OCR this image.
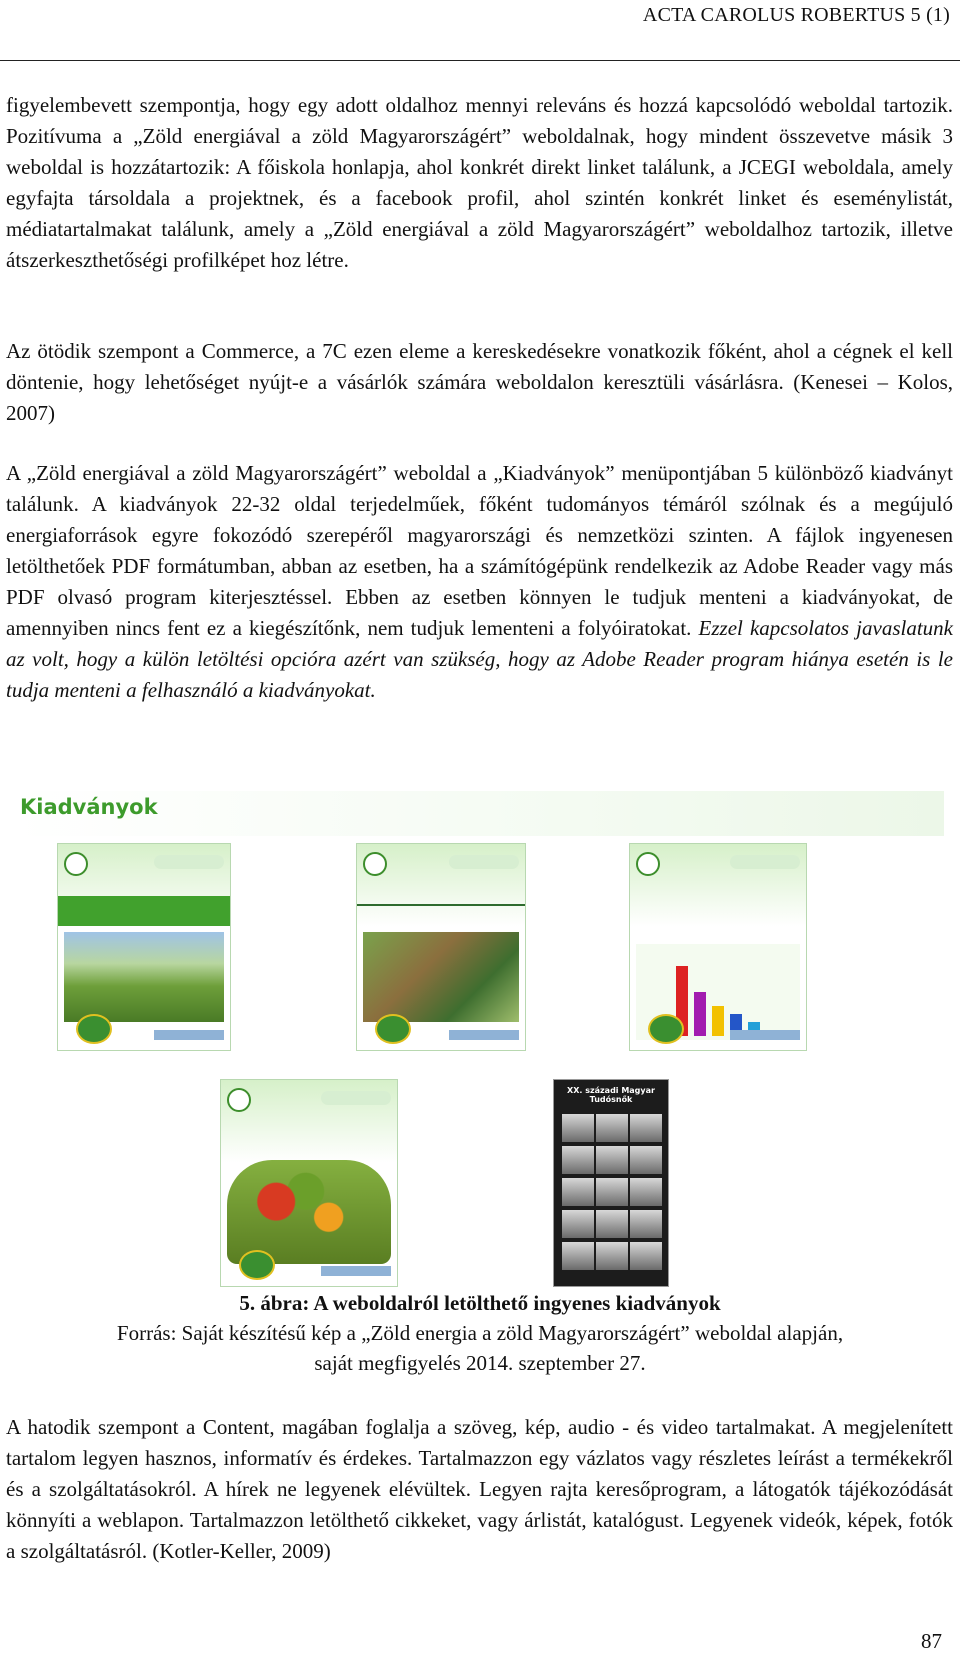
ACTA CAROLUS ROBERTUS 5 (1)

figyelembevett szempontja, hogy egy adott oldalhoz mennyi releváns és hozzá kapcsolódó weboldal tartozik. Pozitívuma a „Zöld energiával a zöld Magyarországért” weboldalnak, hogy mindent összevetve másik 3 weboldal is hozzátartozik: A főiskola honlapja, ahol konkrét direkt linket találunk, a JCEGI weboldala, amely egyfajta társoldala a projektnek, és a facebook profil, ahol szintén konkrét linket és eseménylistát, médiatartalmakat találunk, amely a „Zöld energiával a zöld Magyarországért” weboldalhoz tartozik, illetve átszerkeszthetőségi profilképet hoz létre.

Az ötödik szempont a Commerce, a 7C ezen eleme a kereskedésekre vonatkozik főként, ahol a cégnek el kell döntenie, hogy lehetőséget nyújt-e a vásárlók számára weboldalon keresztüli vásárlásra. (Kenesei – Kolos, 2007)

A „Zöld energiával a zöld Magyarországért” weboldal a „Kiadványok” menüpontjában 5 különböző kiadványt találunk. A kiadványok 22-32 oldal terjedelműek, főként tudományos témáról szólnak és a megújuló energiaforrások egyre fokozódó szerepéről magyarországi és nemzetközi szinten. A fájlok ingyenesen letölthetőek PDF formátumban, abban az esetben, ha a számítógépünk rendelkezik az Adobe Reader vagy más PDF olvasó program kiterjesztéssel. Ebben az esetben könnyen le tudjuk menteni a kiadványokat, de amennyiben nincs fent ez a kiegészítőnk, nem tudjuk lementeni a folyóiratokat. Ezzel kapcsolatos javaslatunk az volt, hogy a külön letöltési opcióra azért van szükség, hogy az Adobe Reader program hiánya esetén is le tudja menteni a felhasználó a kiadványokat.

Kiadványok
XX. századi Magyar Tudósnők
5. ábra: A weboldalról letölthető ingyenes kiadványok
Forrás: Saját készítésű kép a „Zöld energia a zöld Magyarországért” weboldal alapján,
saját megfigyelés 2014. szeptember 27.

A hatodik szempont a Content, magában foglalja a szöveg, kép, audio - és video tartalmakat. A megjelenített tartalom legyen hasznos, informatív és érdekes. Tartalmazzon egy vázlatos vagy részletes leírást a termékekről és a szolgáltatásokról. A hírek ne legyenek elévültek. Legyen rajta keresőprogram, a látogatók tájékozódását könnyíti a weblapon. Tartalmazzon letölthető cikkeket, vagy árlistát, katalógust. Legyenek videók, képek, fotók a szolgáltatásról. (Kotler-Keller, 2009)

87
